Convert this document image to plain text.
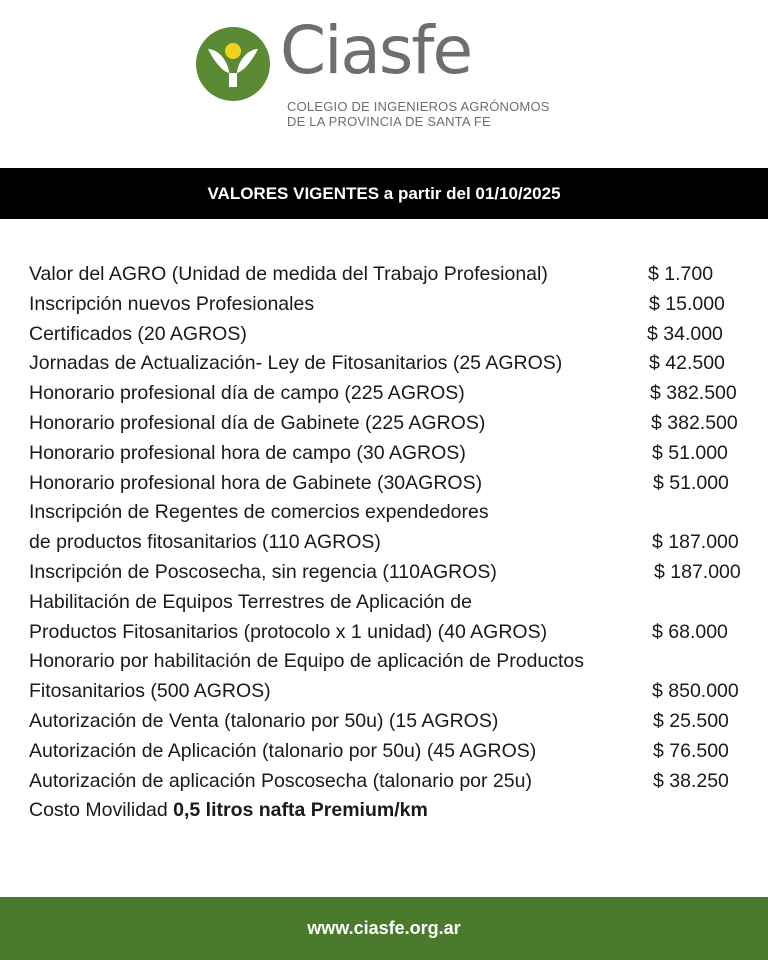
Ciasfe
COLEGIO DE INGENIEROS AGRÓNOMOS
DE LA PROVINCIA DE SANTA FE
VALORES VIGENTES a partir del 01/10/2025
Valor del AGRO (Unidad de medida del Trabajo Profesional)	$ 1.700
Inscripción nuevos Profesionales	$ 15.000
Certificados (20 AGROS)	$ 34.000
Jornadas de Actualización- Ley de Fitosanitarios (25 AGROS)	$ 42.500
Honorario profesional día de campo (225 AGROS)	$ 382.500
Honorario profesional día de Gabinete (225 AGROS)	$ 382.500
Honorario profesional hora de campo (30 AGROS)	$ 51.000
Honorario profesional hora de Gabinete (30AGROS)	$ 51.000
Inscripción de Regentes de comercios expendedores
de productos fitosanitarios (110 AGROS)	$ 187.000
Inscripción de Poscosecha, sin regencia (110AGROS)	$ 187.000
Habilitación de Equipos Terrestres de Aplicación de
Productos Fitosanitarios (protocolo x 1 unidad) (40 AGROS)	$ 68.000
Honorario por habilitación de Equipo de aplicación de Productos
Fitosanitarios (500 AGROS)	$ 850.000
Autorización de Venta (talonario por 50u) (15 AGROS)	$ 25.500
Autorización de Aplicación (talonario por 50u) (45 AGROS)	$ 76.500
Autorización de aplicación Poscosecha (talonario por 25u)	$ 38.250
Costo Movilidad 0,5 litros nafta Premium/km
www.ciasfe.org.ar
